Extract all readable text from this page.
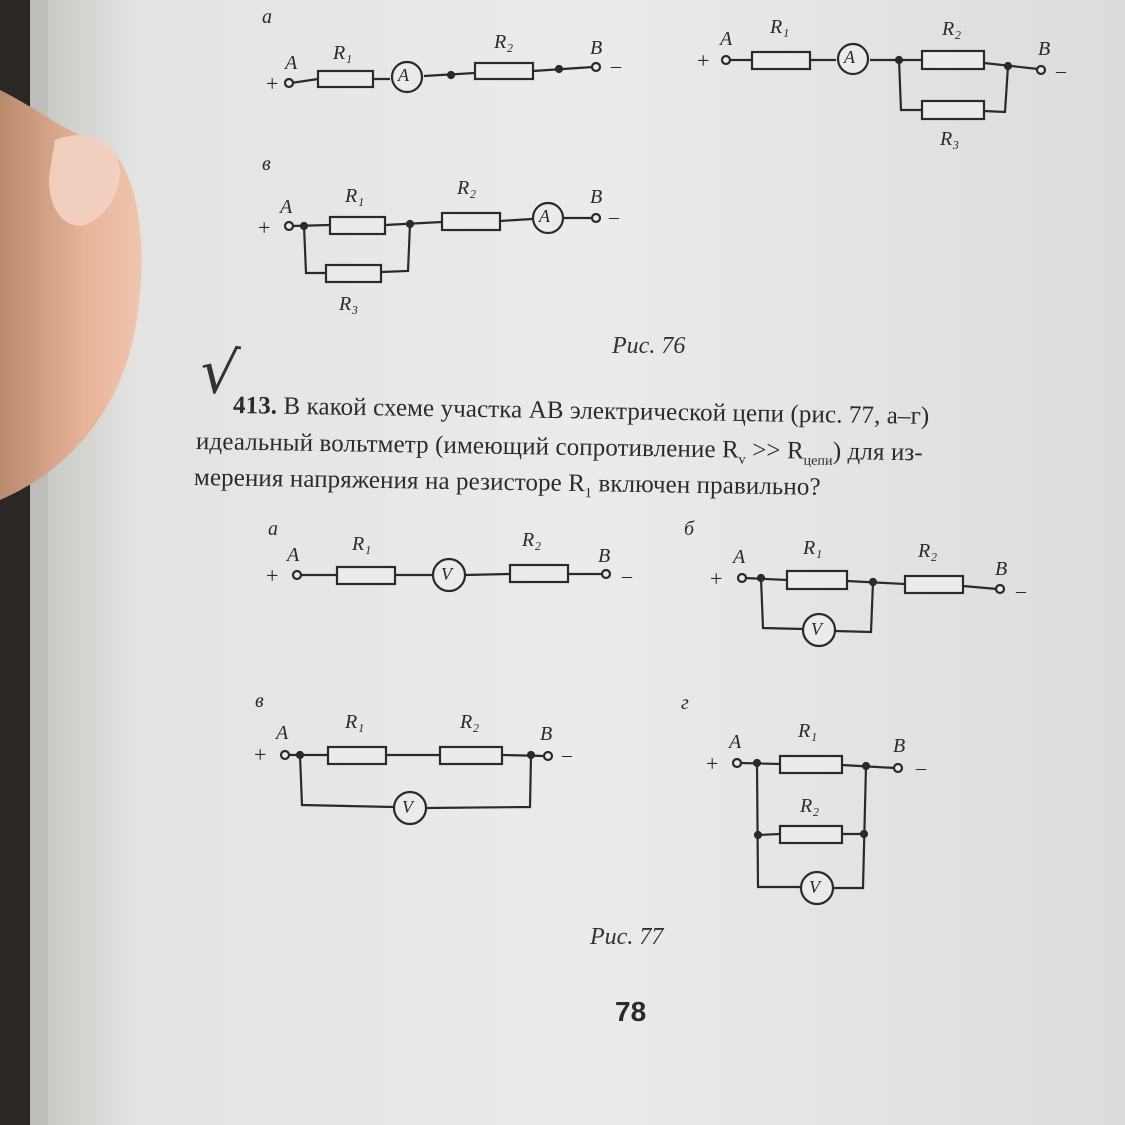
а
+
A R₁
A
R₂	B
–	+
A
R₁
A
R₂
B
–
R₃
в
+
A	R₁	R₂
A
B
–
R₃
Рис. 76
√
413. В какой схеме участка AB электрической цепи (рис. 77, а–г)
идеальный вольтметр (имеющий сопротивление $R_v >> R_{цепи}$) для из-
мерения напряжения на резисторе $R_1$ включен правильно?
а
+
A	R₁
V
R₂
B
–
б
+
A	R₁	R₂
B
–
V
в
+
A	R₁	R₂
B
–
V
г
+
A	R₁
B
–
R₂
V
Рис. 77
78
